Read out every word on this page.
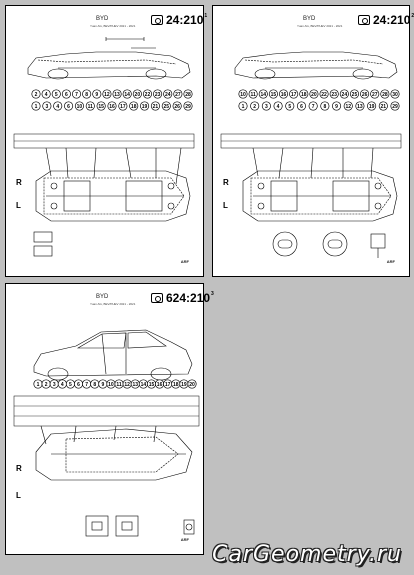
BYD
Yuan AG, BEV/PHEV 2021 - 2021	$24:210^1$
2 4 5 6 7 8 9 12 13 14 20 22 23 24 27 28
1 3 4 6 10 11 15 16 17 18 19 21 25 26 29
R
L
ARF
BYD
Yuan AG, BEV/PHEV 2021 - 2021	$24:210^2$
10 11 14 15 16 17 18 20 22 23 24 25 26 27 28 30
1 2 3 4 5 6 7 8 9 12 13 19 21 29
R
L
ARF
BYD
Yuan AG, BEV/PHEV 2021 - 2021	$624:210^3$
1 2 3 4 5 6 7 8 9 10 11 12 13 14 15 16 17 18 19 20
R
L
ARF
CarGeometry.ru
